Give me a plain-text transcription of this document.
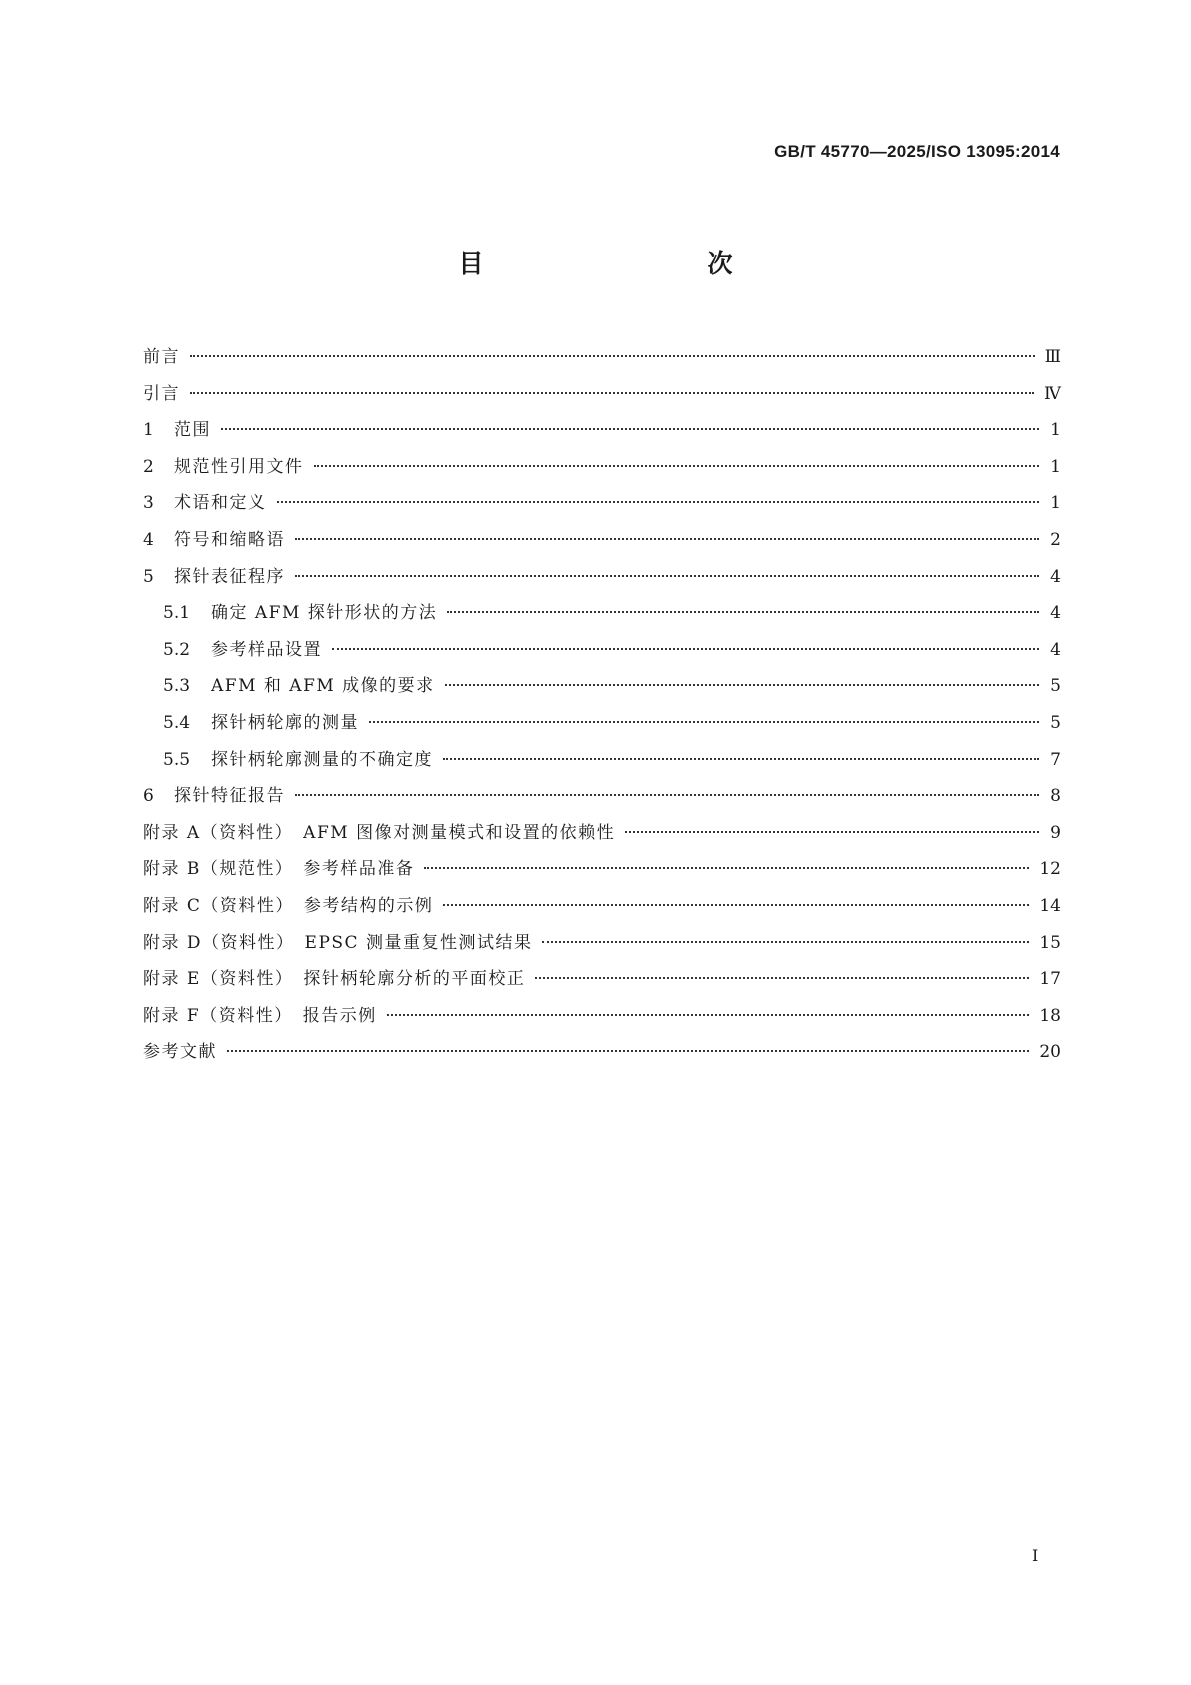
GB/T 45770—2025/ISO 13095:2014
目　　次
前言	Ⅲ
引言	Ⅳ
1	范围	1
2	规范性引用文件	1
3	术语和定义	1
4	符号和缩略语	2
5	探针表征程序	4
5.1	确定 AFM 探针形状的方法	4
5.2	参考样品设置	4
5.3	AFM 和 AFM 成像的要求	5
5.4	探针柄轮廓的测量	5
5.5	探针柄轮廓测量的不确定度	7
6	探针特征报告	8
附录 A（资料性）　AFM 图像对测量模式和设置的依赖性	9
附录 B（规范性）　参考样品准备	12
附录 C（资料性）　参考结构的示例	14
附录 D（资料性）　EPSC 测量重复性测试结果	15
附录 E（资料性）　探针柄轮廓分析的平面校正	17
附录 F（资料性）　报告示例	18
参考文献	20
I
